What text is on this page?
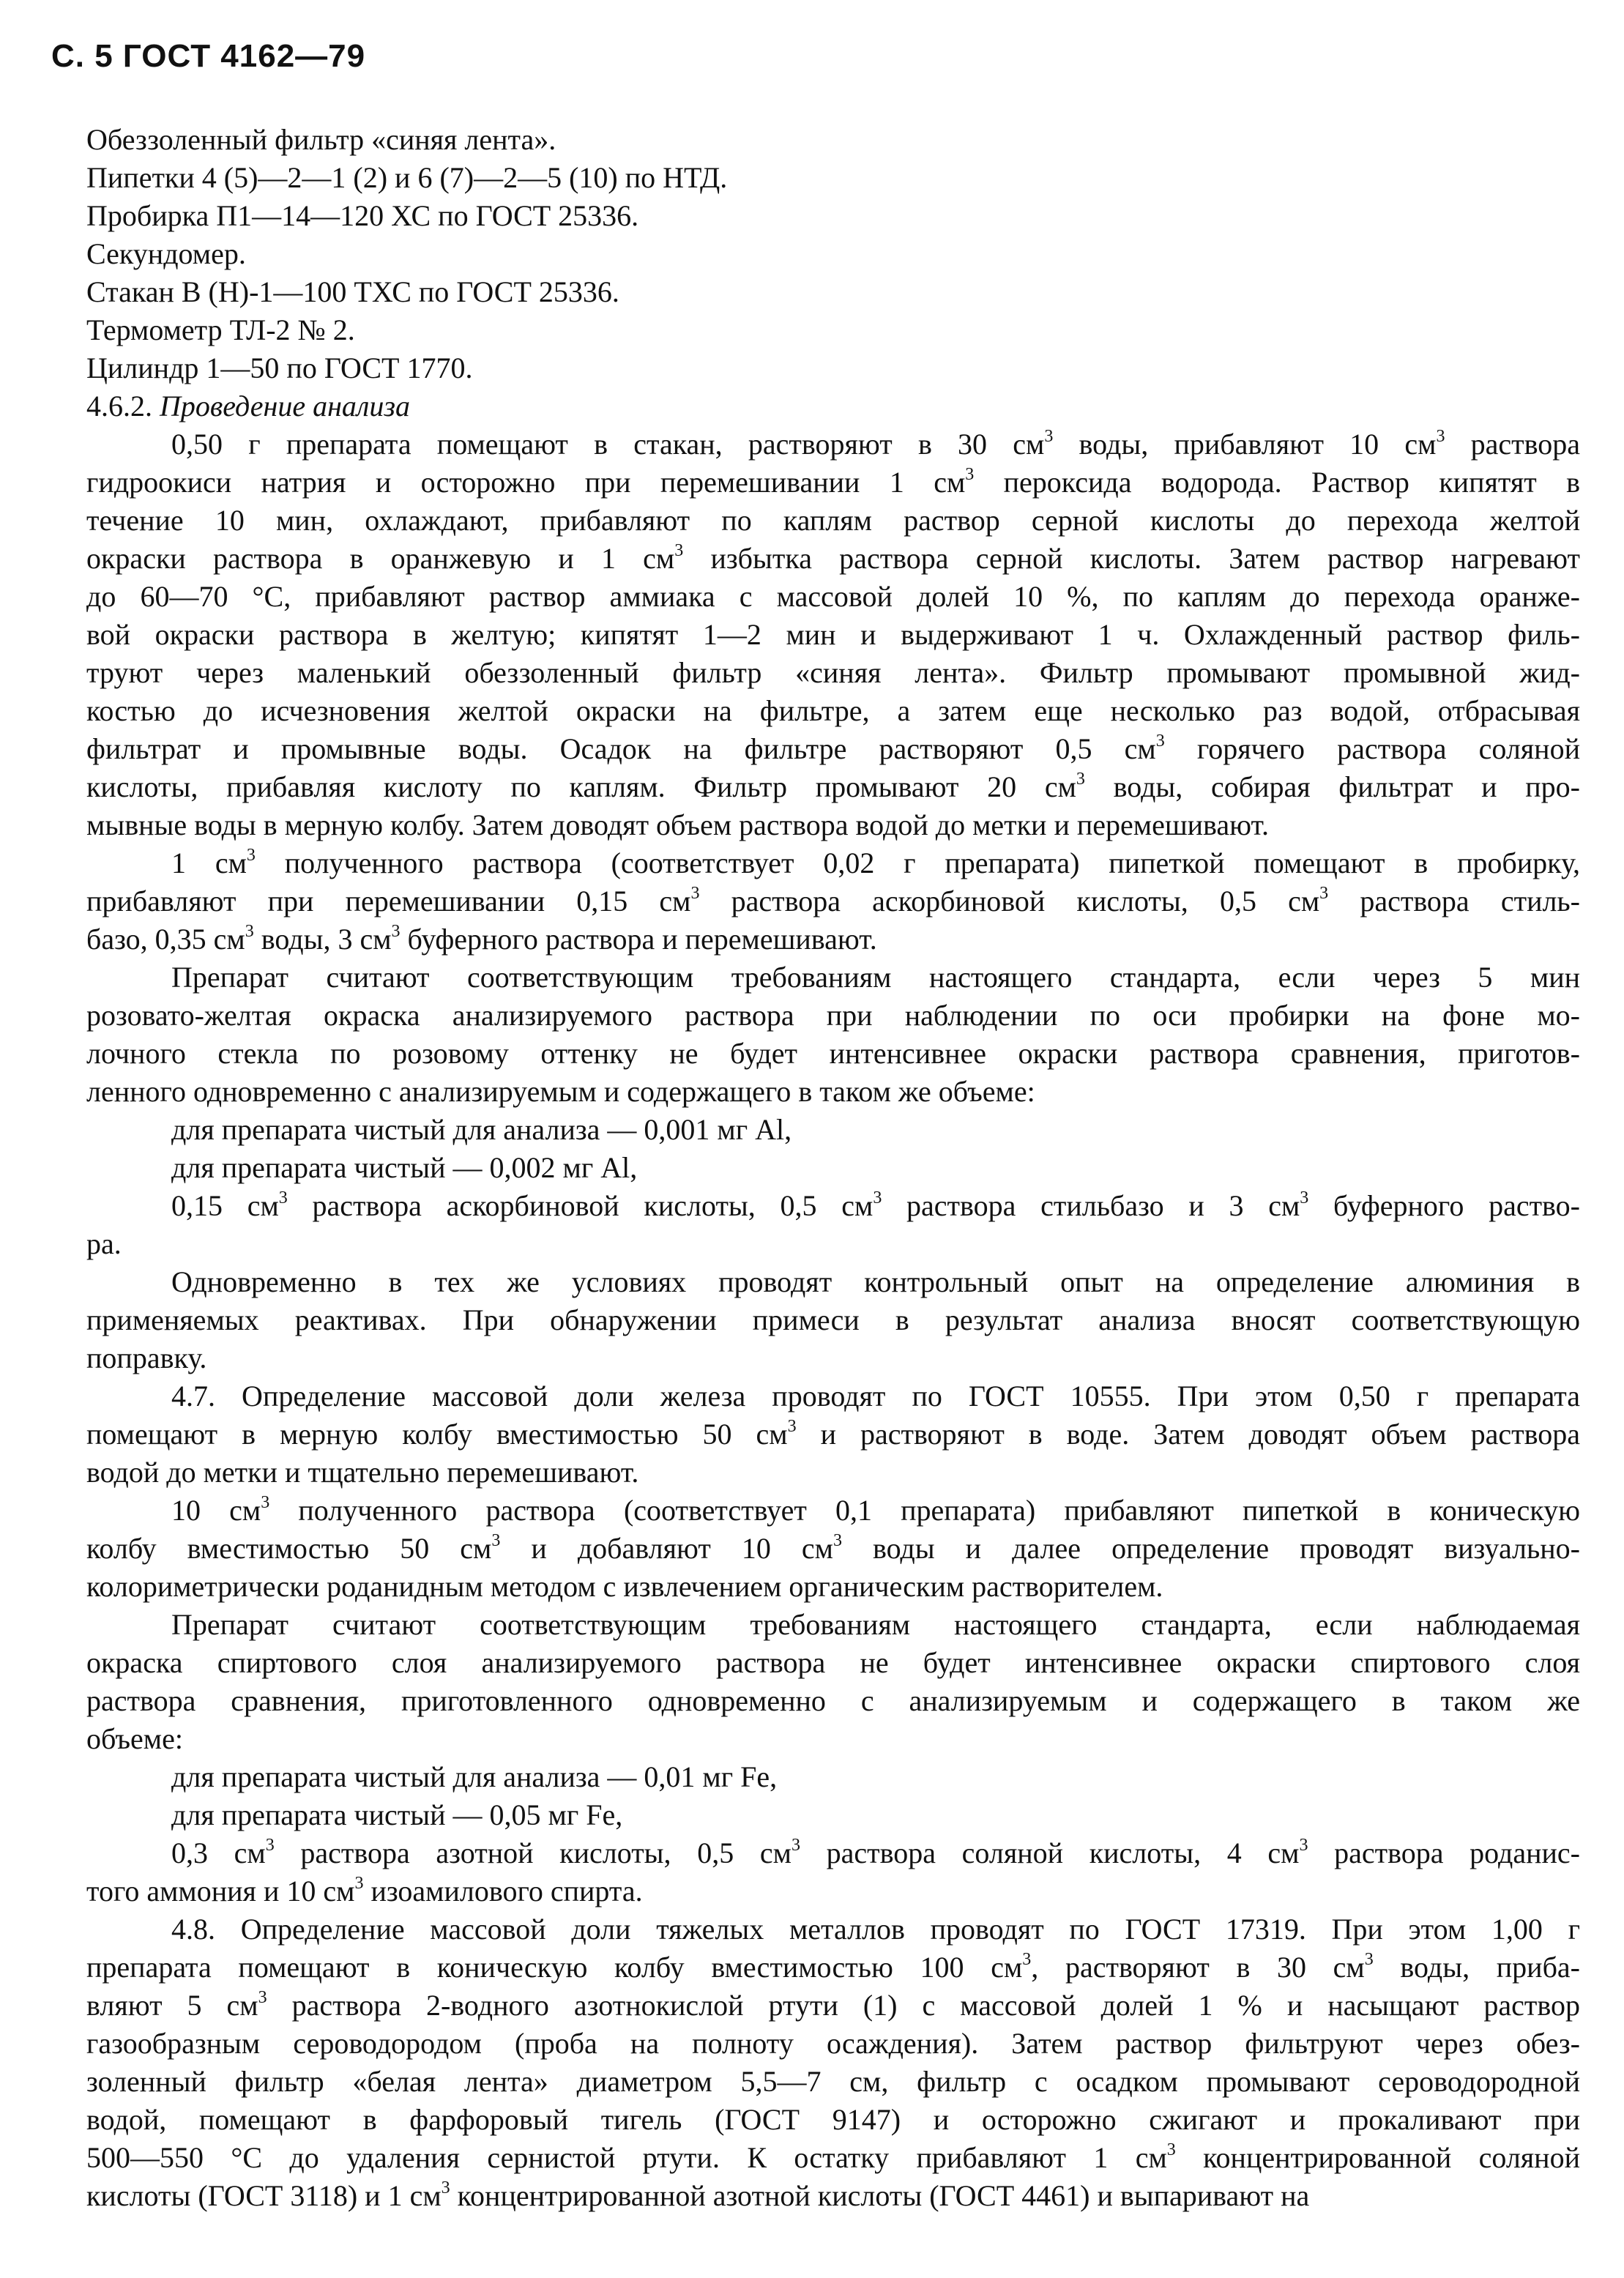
С. 5 ГОСТ 4162—79
Обеззоленный фильтр «синяя лента».
Пипетки 4 (5)—2—1 (2) и 6 (7)—2—5 (10) по НТД.
Пробирка П1—14—120 ХС по ГОСТ 25336.
Секундомер.
Стакан В (Н)-1—100 ТХС по ГОСТ 25336.
Термометр ТЛ-2 № 2.
Цилиндр 1—50 по ГОСТ 1770.
4.6.2. Проведение анализа
0,50 г препарата помещают в стакан, растворяют в 30 $см^3$ воды, прибавляют 10 $см^3$ раствора
гидроокиси натрия и осторожно при перемешивании 1 $см^3$ пероксида водорода. Раствор кипятят в
течение 10 мин, охлаждают, прибавляют по каплям раствор серной кислоты до перехода желтой
окраски раствора в оранжевую и 1 $см^3$ избытка раствора серной кислоты. Затем раствор нагревают
до 60—70 °С, прибавляют раствор аммиака с массовой долей 10 %, по каплям до перехода оранже-
вой окраски раствора в желтую; кипятят 1—2 мин и выдерживают 1 ч. Охлажденный раствор филь-
труют через маленький обеззоленный фильтр «синяя лента». Фильтр промывают промывной жид-
костью до исчезновения желтой окраски на фильтре, а затем еще несколько раз водой, отбрасывая
фильтрат и промывные воды. Осадок на фильтре растворяют 0,5 $см^3$ горячего раствора соляной
кислоты, прибавляя кислоту по каплям. Фильтр промывают 20 $см^3$ воды, собирая фильтрат и про-
мывные воды в мерную колбу. Затем доводят объем раствора водой до метки и перемешивают.
1 $см^3$ полученного раствора (соответствует 0,02 г препарата) пипеткой помещают в пробирку,
прибавляют при перемешивании 0,15 $см^3$ раствора аскорбиновой кислоты, 0,5 $см^3$ раствора стиль-
базо, 0,35 $см^3$ воды, 3 $см^3$ буферного раствора и перемешивают.
Препарат считают соответствующим требованиям настоящего стандарта, если через 5 мин
розовато-желтая окраска анализируемого раствора при наблюдении по оси пробирки на фоне мо-
лочного стекла по розовому оттенку не будет интенсивнее окраски раствора сравнения, приготов-
ленного одновременно с анализируемым и содержащего в таком же объеме:
для препарата чистый для анализа — 0,001 мг Al,
для препарата чистый — 0,002 мг Al,
0,15 $см^3$ раствора аскорбиновой кислоты, 0,5 $см^3$ раствора стильбазо и 3 $см^3$ буферного раство-
ра.
Одновременно в тех же условиях проводят контрольный опыт на определение алюминия в
применяемых реактивах. При обнаружении примеси в результат анализа вносят соответствующую
поправку.
4.7. Определение массовой доли железа проводят по ГОСТ 10555. При этом 0,50 г препарата
помещают в мерную колбу вместимостью 50 $см^3$ и растворяют в воде. Затем доводят объем раствора
водой до метки и тщательно перемешивают.
10 $см^3$ полученного раствора (соответствует 0,1 препарата) прибавляют пипеткой в коническую
колбу вместимостью 50 $см^3$ и добавляют 10 $см^3$ воды и далее определение проводят визуально-
колориметрически роданидным методом с извлечением органическим растворителем.
Препарат считают соответствующим требованиям настоящего стандарта, если наблюдаемая
окраска спиртового слоя анализируемого раствора не будет интенсивнее окраски спиртового слоя
раствора сравнения, приготовленного одновременно с анализируемым и содержащего в таком же
объеме:
для препарата чистый для анализа — 0,01 мг Fe,
для препарата чистый — 0,05 мг Fe,
0,3 $см^3$ раствора азотной кислоты, 0,5 $см^3$ раствора соляной кислоты, 4 $см^3$ раствора роданис-
того аммония и 10 $см^3$ изоамилового спирта.
4.8. Определение массовой доли тяжелых металлов проводят по ГОСТ 17319. При этом 1,00 г
препарата помещают в коническую колбу вместимостью 100 $см^3$, растворяют в 30 $см^3$ воды, приба-
вляют 5 $см^3$ раствора 2-водного азотнокислой ртути (1) с массовой долей 1 % и насыщают раствор
газообразным сероводородом (проба на полноту осаждения). Затем раствор фильтруют через обез-
золенный фильтр «белая лента» диаметром 5,5—7 см, фильтр с осадком промывают сероводородной
водой, помещают в фарфоровый тигель (ГОСТ 9147) и осторожно сжигают и прокаливают при
500—550 °С до удаления сернистой ртути. К остатку прибавляют 1 $см^3$ концентрированной соляной
кислоты (ГОСТ 3118) и 1 $см^3$ концентрированной азотной кислоты (ГОСТ 4461) и выпаривают на
